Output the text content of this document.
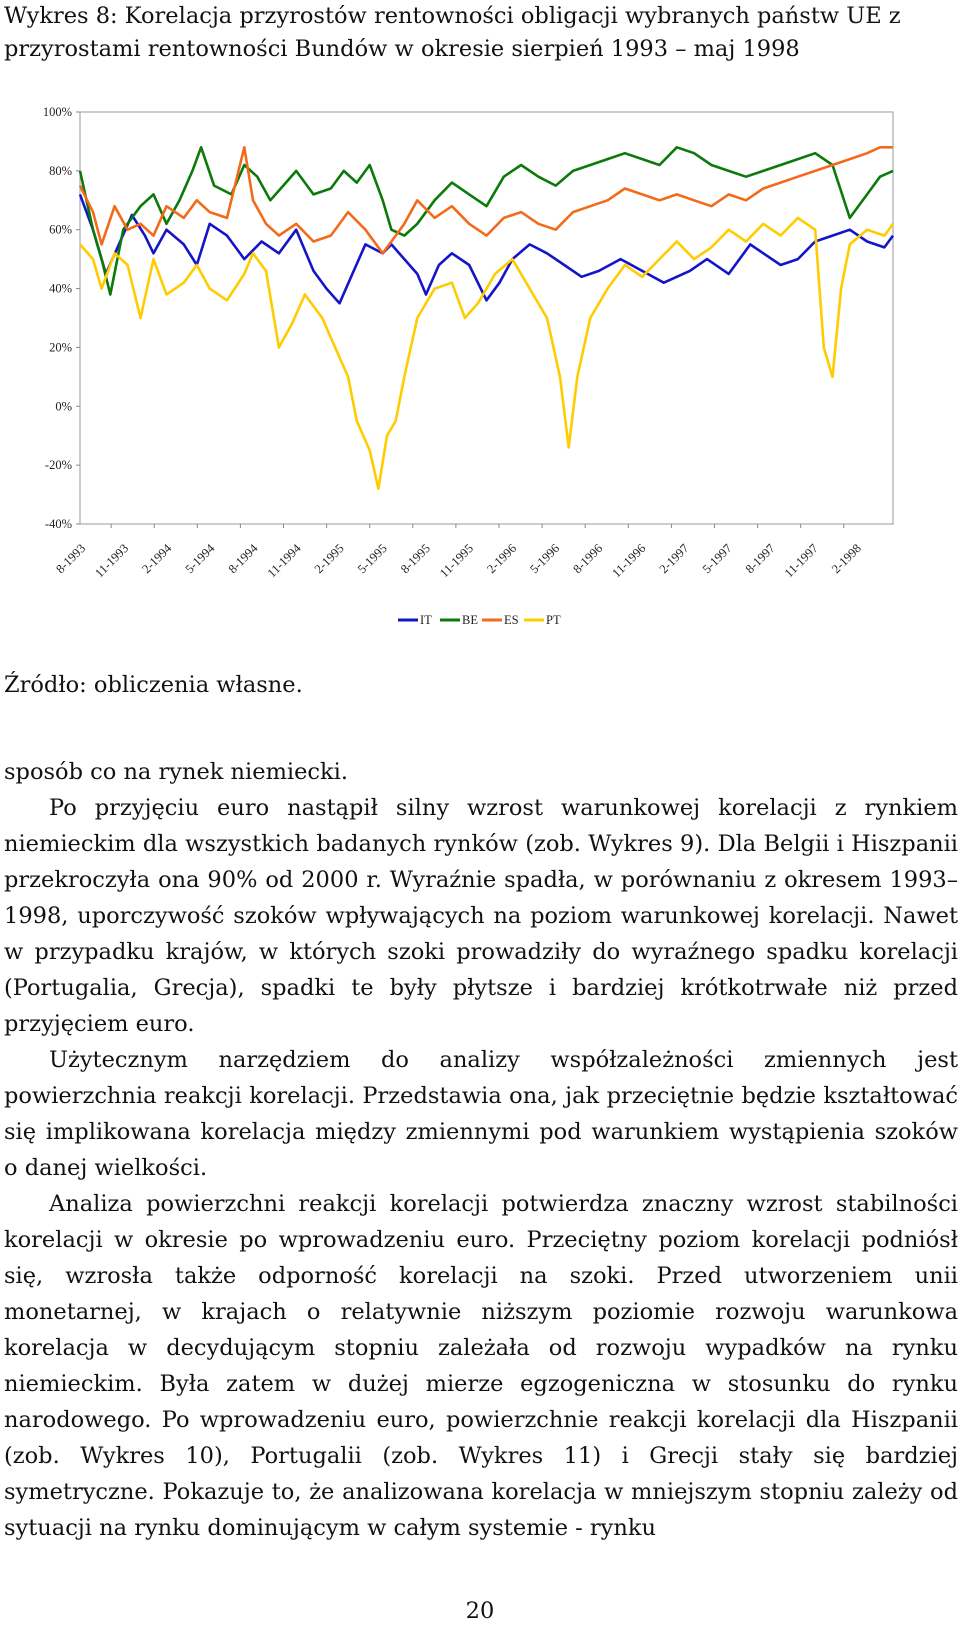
Wykres 8: Korelacja przyrostów rentowności obligacji wybranych państw UE z przyrostami rentowności Bundów w okresie sierpień 1993 – maj 1998
100%
80%
60%
40%
20%
0%
-20%
-40%
8-1993 11-1993 2-1994 5-1994 8-1994 11-1994 2-1995 5-1995 8-1995 11-1995 2-1996 5-1996 8-1996 11-1996 2-1997 5-1997 8-1997 11-1997 2-1998
IT BE ES PT
Źródło: obliczenia własne.

sposób co na rynek niemiecki.

Po przyjęciu euro nastąpił silny wzrost warunkowej korelacji z rynkiem niemieckim dla wszystkich badanych rynków (zob. Wykres 9). Dla Belgii i Hiszpanii przekroczyła ona 90% od 2000 r. Wyraźnie spadła, w porównaniu z okresem 1993–1998, uporczywość szoków wpływających na poziom warunkowej korelacji. Nawet w przypadku krajów, w których szoki prowadziły do wyraźnego spadku korelacji (Portugalia, Grecja), spadki te były płytsze i bardziej krótkotrwałe niż przed przyjęciem euro.

Użytecznym narzędziem do analizy współzależności zmiennych jest powierzchnia reakcji korelacji. Przedstawia ona, jak przeciętnie będzie kształtować się implikowana korelacja między zmiennymi pod warunkiem wystąpienia szoków o danej wielkości.

Analiza powierzchni reakcji korelacji potwierdza znaczny wzrost stabilności korelacji w okresie po wprowadzeniu euro. Przeciętny poziom korelacji podniósł się, wzrosła także odporność korelacji na szoki. Przed utworzeniem unii monetarnej, w krajach o relatywnie niższym poziomie rozwoju warunkowa korelacja w decydującym stopniu zależała od rozwoju wypadków na rynku niemieckim. Była zatem w dużej mierze egzogeniczna w stosunku do rynku narodowego. Po wprowadzeniu euro, powierzchnie reakcji korelacji dla Hiszpanii (zob. Wykres 10), Portugalii (zob. Wykres 11) i Grecji stały się bardziej symetryczne. Pokazuje to, że analizowana korelacja w mniejszym stopniu zależy od sytuacji na rynku dominującym w całym systemie - rynku

20
